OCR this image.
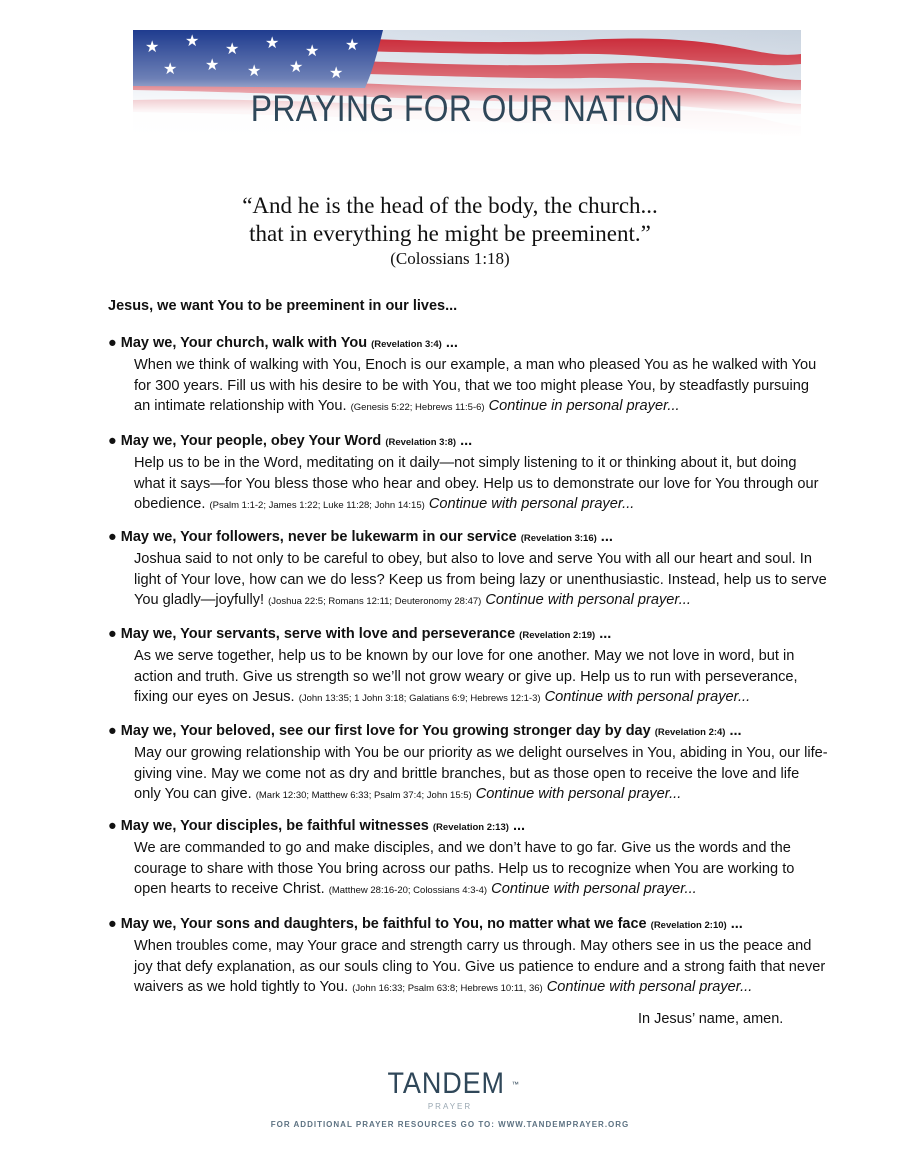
PRAYING FOR OUR NATION
“And he is the head of the body, the church...
that in everything he might be preeminent.”
(Colossians 1:18)
Jesus, we want You to be preeminent in our lives...
● May we, Your church, walk with You (Revelation 3:4) ...
When we think of walking with You, Enoch is our example, a man who pleased You as he walked with You for 300 years. Fill us with his desire to be with You, that we too might please You, by steadfastly pursuing an intimate relationship with You. (Genesis 5:22; Hebrews 11:5-6) Continue in personal prayer...
● May we, Your people, obey Your Word (Revelation 3:8) ...
Help us to be in the Word, meditating on it daily—not simply listening to it or thinking about it, but doing what it says—for You bless those who hear and obey. Help us to demonstrate our love for You through our obedience. (Psalm 1:1-2; James 1:22; Luke 11:28; John 14:15) Continue with personal prayer...
● May we, Your followers, never be lukewarm in our service (Revelation 3:16) ...
Joshua said to not only to be careful to obey, but also to love and serve You with all our heart and soul. In light of Your love, how can we do less? Keep us from being lazy or unenthusiastic. Instead, help us to serve You gladly—joyfully! (Joshua 22:5; Romans 12:11; Deuteronomy 28:47) Continue with personal prayer...
● May we, Your servants, serve with love and perseverance (Revelation 2:19) ...
As we serve together, help us to be known by our love for one another. May we not love in word, but in action and truth. Give us strength so we’ll not grow weary or give up. Help us to run with perseverance, fixing our eyes on Jesus. (John 13:35; 1 John 3:18; Galatians 6:9; Hebrews 12:1-3) Continue with personal prayer...
● May we, Your beloved, see our first love for You growing stronger day by day (Revelation 2:4) ...
May our growing relationship with You be our priority as we delight ourselves in You, abiding in You, our life-giving vine. May we come not as dry and brittle branches, but as those open to receive the love and life only You can give. (Mark 12:30; Matthew 6:33; Psalm 37:4; John 15:5) Continue with personal prayer...
● May we, Your disciples, be faithful witnesses (Revelation 2:13) ...
We are commanded to go and make disciples, and we don’t have to go far. Give us the words and the courage to share with those You bring across our paths. Help us to recognize when You are working to open hearts to receive Christ. (Matthew 28:16-20; Colossians 4:3-4) Continue with personal prayer...
● May we, Your sons and daughters, be faithful to You, no matter what we face (Revelation 2:10) ...
When troubles come, may Your grace and strength carry us through. May others see in us the peace and joy that defy explanation, as our souls cling to You. Give us patience to endure and a strong faith that never waivers as we hold tightly to You. (John 16:33; Psalm 63:8; Hebrews 10:11, 36) Continue with personal prayer...
In Jesus’ name, amen.
TANDEM ™
PRAYER
FOR ADDITIONAL PRAYER RESOURCES GO TO: WWW.TANDEMPRAYER.ORG
